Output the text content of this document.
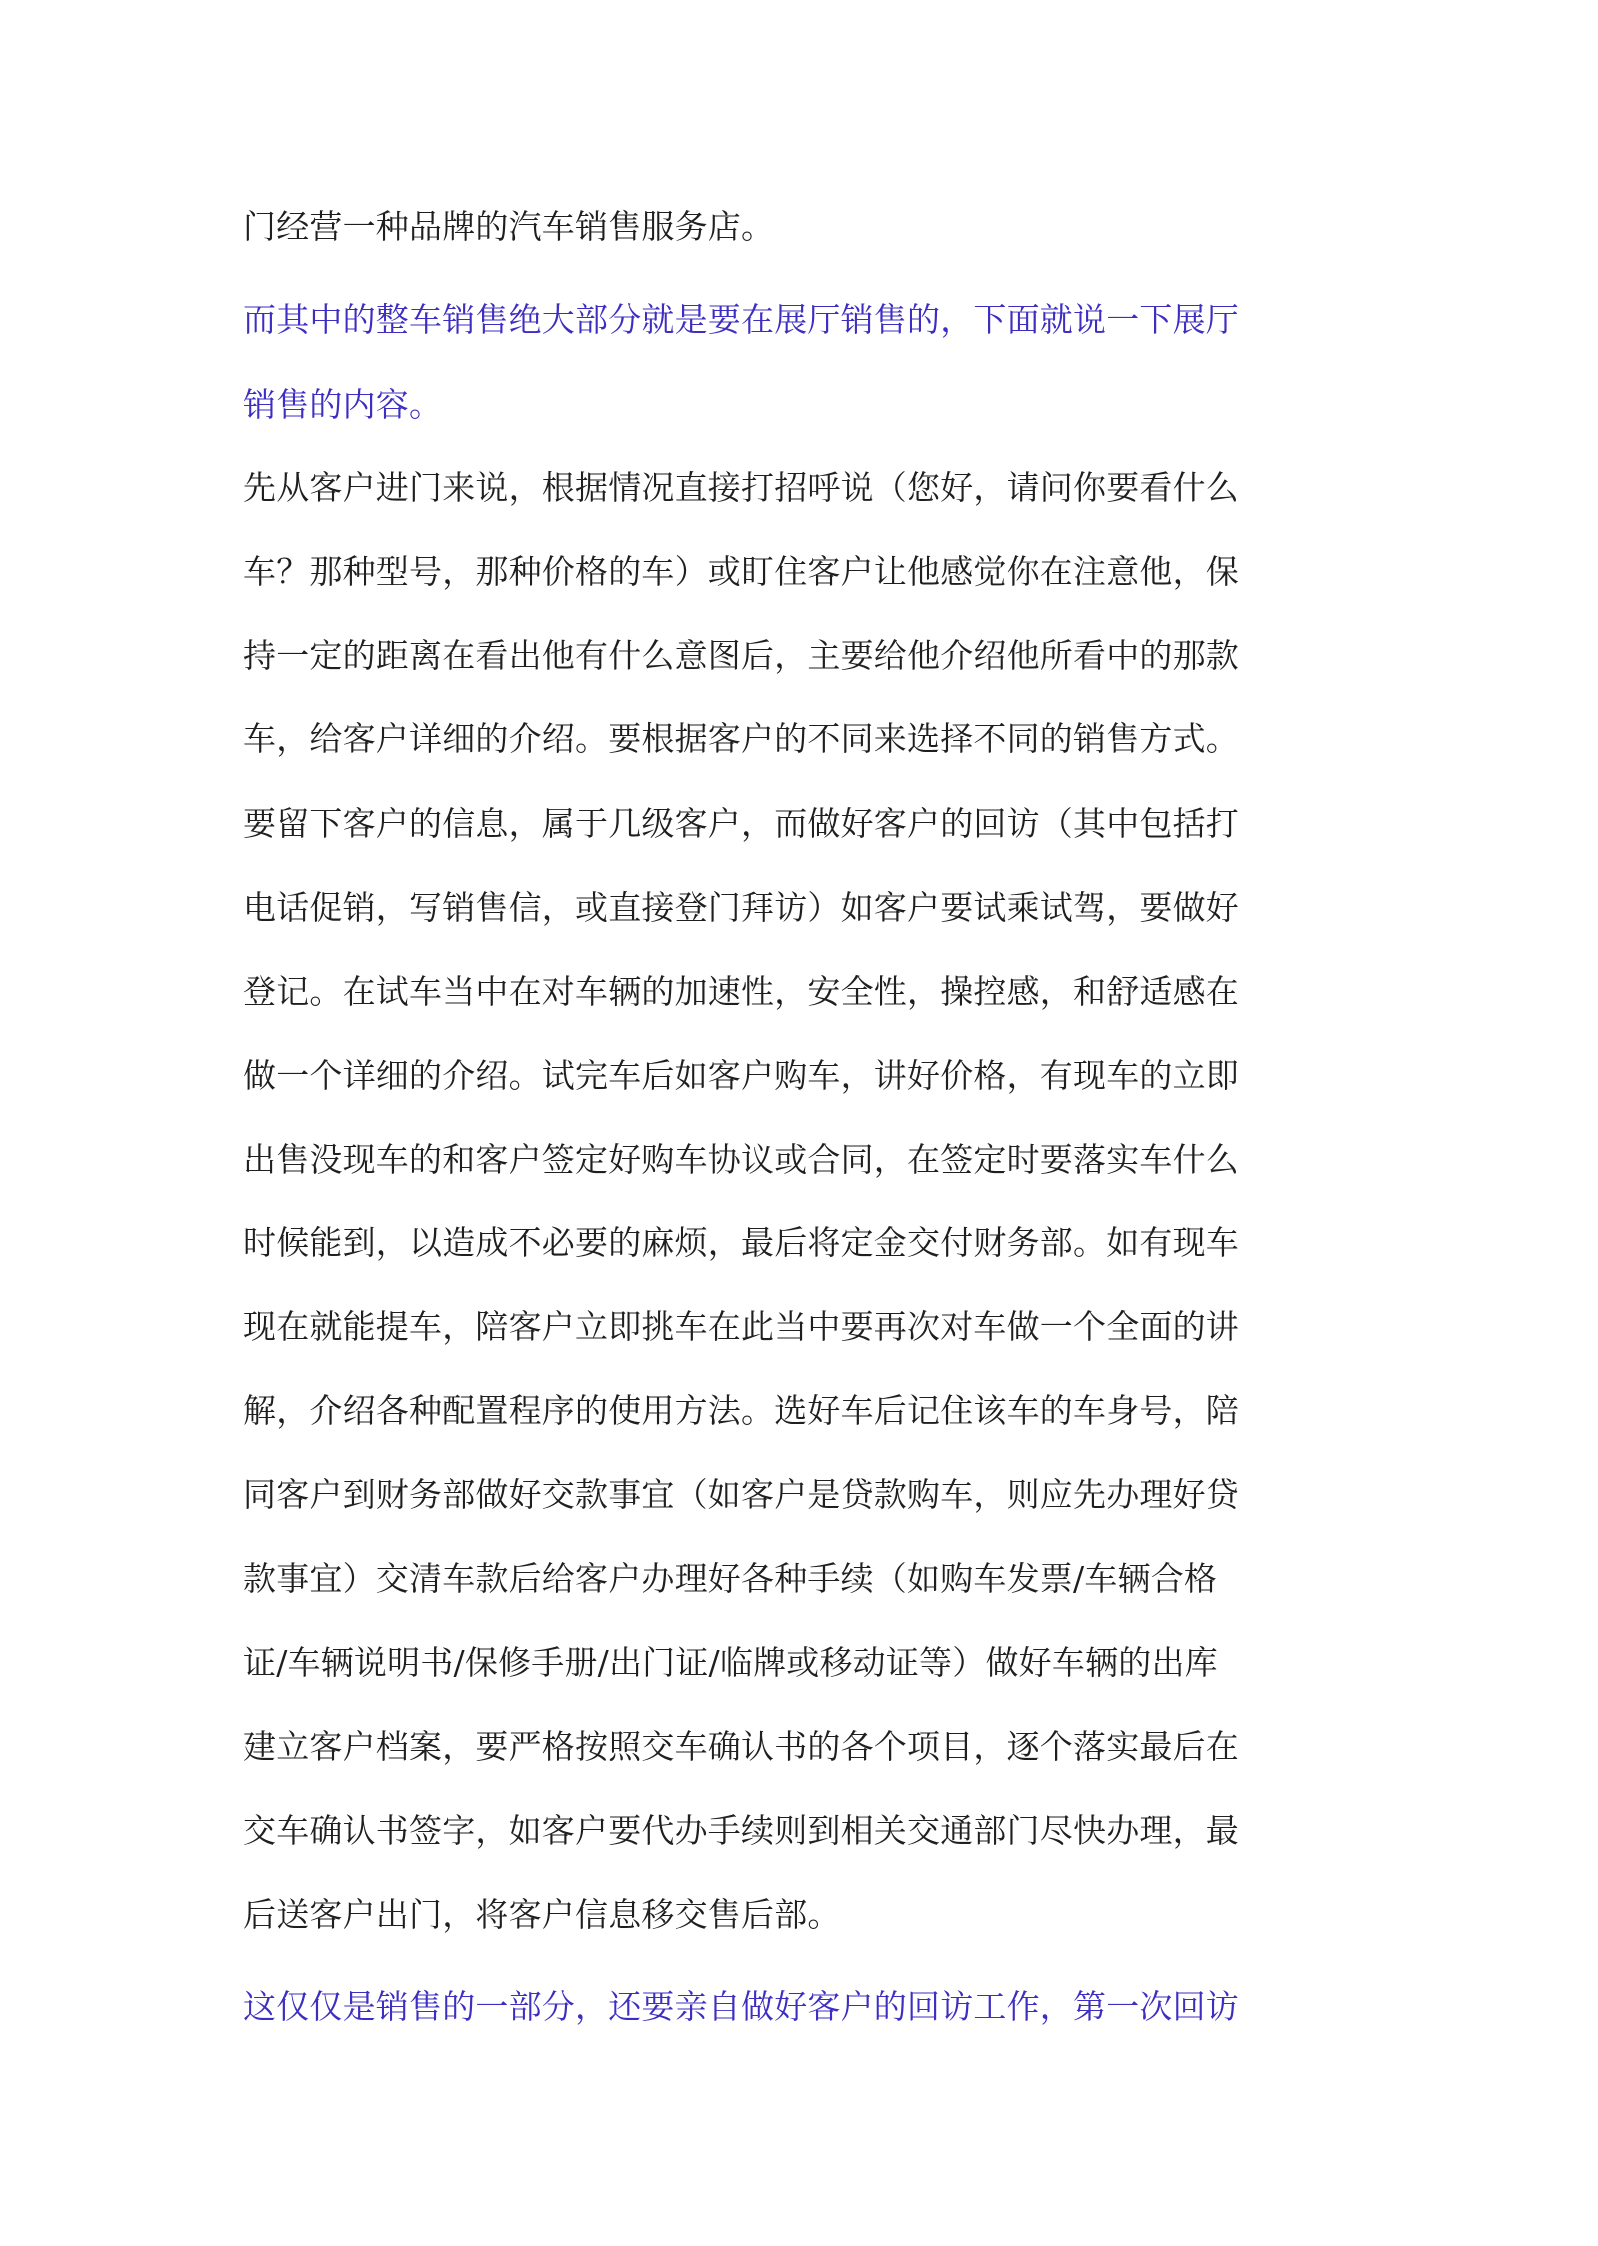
门经营一种品牌的汽车销售服务店。
而其中的整车销售绝大部分就是要在展厅销售的，下面就说一下展厅
销售的内容。
先从客户进门来说，根据情况直接打招呼说（您好，请问你要看什么
车？那种型号，那种价格的车）或盯住客户让他感觉你在注意他，保
持一定的距离在看出他有什么意图后，主要给他介绍他所看中的那款
车，给客户详细的介绍。要根据客户的不同来选择不同的销售方式。
要留下客户的信息，属于几级客户，而做好客户的回访（其中包括打
电话促销，写销售信，或直接登门拜访）如客户要试乘试驾，要做好
登记。在试车当中在对车辆的加速性，安全性，操控感，和舒适感在
做一个详细的介绍。试完车后如客户购车，讲好价格，有现车的立即
出售没现车的和客户签定好购车协议或合同，在签定时要落实车什么
时候能到，以造成不必要的麻烦，最后将定金交付财务部。如有现车
现在就能提车，陪客户立即挑车在此当中要再次对车做一个全面的讲
解，介绍各种配置程序的使用方法。选好车后记住该车的车身号，陪
同客户到财务部做好交款事宜（如客户是贷款购车，则应先办理好贷
款事宜）交清车款后给客户办理好各种手续（如购车发票/车辆合格
证/车辆说明书/保修手册/出门证/临牌或移动证等）做好车辆的出库
建立客户档案，要严格按照交车确认书的各个项目，逐个落实最后在
交车确认书签字，如客户要代办手续则到相关交通部门尽快办理，最
后送客户出门，将客户信息移交售后部。
这仅仅是销售的一部分，还要亲自做好客户的回访工作，第一次回访
